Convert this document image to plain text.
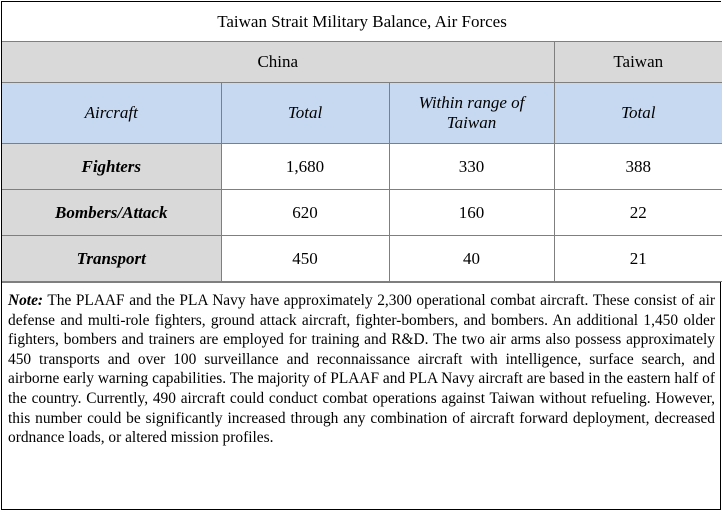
Taiwan Strait Military Balance, Air Forces			
China			Taiwan
Aircraft	Total	Within range of Taiwan	Total
Fighters	1,680	330	388
Bombers/Attack	620	160	22
Transport	450	40	21
Note: The PLAAF and the PLA Navy have approximately 2,300 operational combat aircraft. These consist of air defense and multi-role fighters, ground attack aircraft, fighter-bombers, and bombers. An additional 1,450 older fighters, bombers and trainers are employed for training and R&D. The two air arms also possess approximately 450 transports and over 100 surveillance and reconnaissance aircraft with intelligence, surface search, and airborne early warning capabilities. The majority of PLAAF and PLA Navy aircraft are based in the eastern half of the country. Currently, 490 aircraft could conduct combat operations against Taiwan without refueling. However, this number could be significantly increased through any combination of aircraft forward deployment, decreased ordnance loads, or altered mission profiles.
